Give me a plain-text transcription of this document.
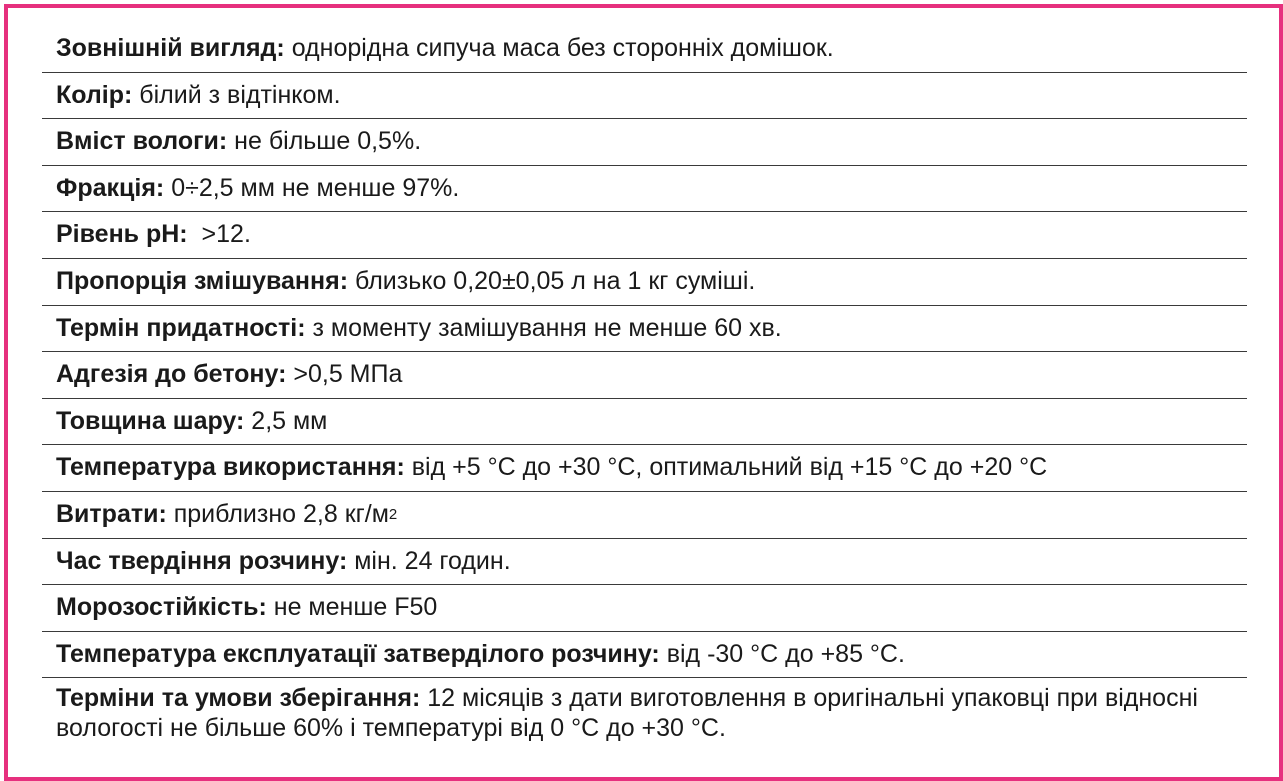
Зовнішній вигляд: однорідна сипуча маса без сторонніх домішок.
Колір: білий з відтінком.
Вміст вологи: не більше 0,5%.
Фракція: 0÷2,5 мм не менше 97%.
Рівень pH: >12.
Пропорція змішування: близько 0,20±0,05 л на 1 кг суміші.
Термін придатності: з моменту замішування не менше 60 хв.
Адгезія до бетону: >0,5 МПа
Товщина шару: 2,5 мм
Температура використання: від +5 °С до +30 °С, оптимальний від +15 °С до +20 °С
Витрати: приблизно 2,8 кг/м 2
Час твердіння розчину: мін. 24 годин.
Морозостійкість: не менше F50
Температура експлуатації затверділого розчину: від -30 °С до +85 °С.
Терміни та умови зберігання: 12 місяців з дати виготовлення в оригінальні упаковці при відносні вологості не більше 60% і температурі від 0 °С до +30 °С.
